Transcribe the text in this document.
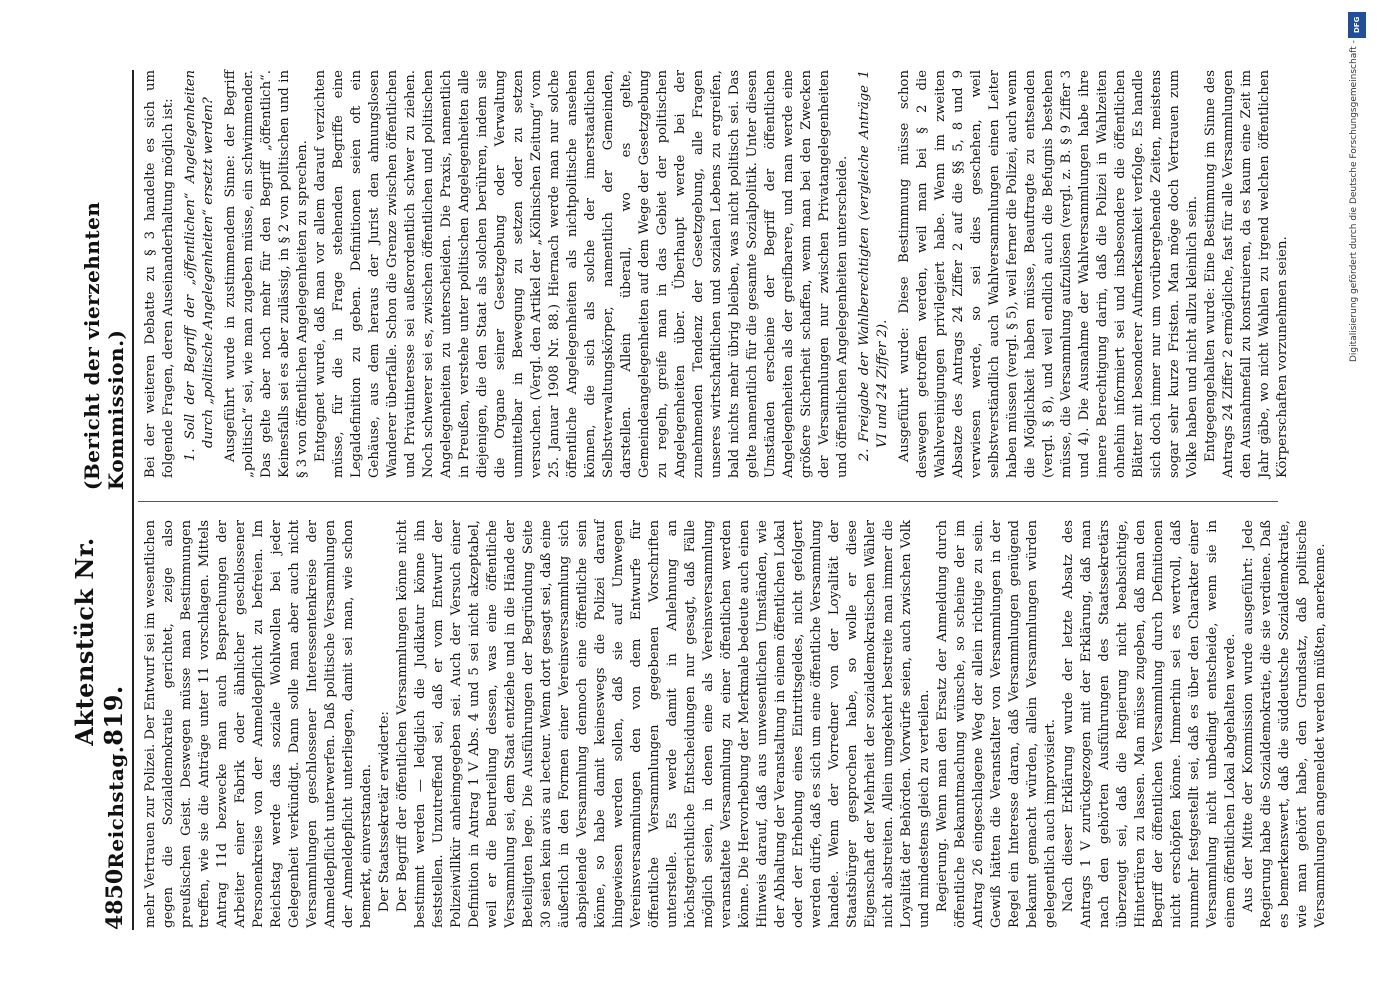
4850
Reichstag.
Aktenstück Nr. 819.
(Bericht der vierzehnten Kommission.)

mehr Vertrauen zur Polizei. Der Entwurf sei im wesentlichen gegen die Sozialdemokratie gerichtet, zeige also preußischen Geist. Deswegen müsse man Bestimmungen treffen, wie sie die Anträge unter 11 vorschlagen. Mittels Antrag 11d bezwecke man auch Besprechungen der Arbeiter einer Fabrik oder ähnlicher geschlossener Personenkreise von der Anmeldepflicht zu befreien. Im Reichstag werde das soziale Wohlwollen bei jeder Gelegenheit verkündigt. Dann solle man aber auch nicht Versammlungen geschlossener Interessentenkreise der Anmeldepflicht unterwerfen. Daß politische Versammlungen der Anmeldepflicht unterliegen, damit sei man, wie schon bemerkt, einverstanden. Der Staatssekretär erwiderte: Der Begriff der öffentlichen Versammlungen könne nicht bestimmt werden — lediglich die Judikatur könne ihn feststellen. Unzutreffend sei, daß er vom Entwurf der Polizeiwillkür anheimgegeben sei. Auch der Versuch einer Definition in Antrag 1 V Abs. 4 und 5 sei nicht akzeptabel, weil er die Beurteilung dessen, was eine öffentliche Versammlung sei, dem Staat entziehe und in die Hände der Beteiligten lege. Die Ausführungen der Begründung Seite 30 seien kein avis au lecteur. Wenn dort gesagt sei, daß eine äußerlich in den Formen einer Vereinsversammlung sich abspielende Versammlung dennoch eine öffentliche sein könne, so habe damit keineswegs die Polizei darauf hingewiesen werden sollen, daß sie auf Umwegen Vereinsversammlungen den von dem Entwurfe für öffentliche Versammlungen gegebenen Vorschriften unterstelle. Es werde damit in Anlehnung an höchstgerichtliche Entscheidungen nur gesagt, daß Fälle möglich seien, in denen eine als Vereinsversammlung veranstaltete Versammlung zu einer öffentlichen werden könne. Die Hervorhebung der Merkmale bedeute auch einen Hinweis darauf, daß aus unwesentlichen Umständen, wie der Abhaltung der Veranstaltung in einem öffentlichen Lokal oder der Erhebung eines Eintrittsgeldes, nicht gefolgert werden dürfe, daß es sich um eine öffentliche Versammlung handele. Wenn der Vorredner von der Loyalität der Staatsbürger gesprochen habe, so wolle er diese Eigenschaft der Mehrheit der sozialdemokratischen Wähler nicht abstreiten. Allein umgekehrt bestreite man immer die Loyalität der Behörden. Vorwürfe seien, auch zwischen Volk und mindestens gleich zu verteilen. Regierung. Wenn man den Ersatz der Anmeldung durch öffentliche Bekanntmachung wünsche, so scheine der im Antrag 26 eingeschlagene Weg der allein richtige zu sein. Gewiß hätten die Veranstalter von Versammlungen in der Regel ein Interesse daran, daß Versammlungen genügend bekannt gemacht würden, allein Versammlungen würden gelegentlich auch improvisiert. Nach dieser Erklärung wurde der letzte Absatz des Antrags 1 V zurückgezogen mit der Erklärung, daß man nach den gehörten Ausführungen des Staatssekretärs überzeugt sei, daß die Regierung nicht beabsichtige, Hintertüren zu lassen. Man müsse zugeben, daß man den Begriff der öffentlichen Versammlung durch Definitionen nicht erschöpfen könne. Immerhin sei es wertvoll, daß nunmehr festgestellt sei, daß es über den Charakter einer Versammlung nicht unbedingt entscheide, wenn sie in einem öffentlichen Lokal abgehalten werde. Aus der Mitte der Kommission wurde ausgeführt: Jede Regierung habe die Sozialdemokratie, die sie verdiene. Daß es bemerkenswert, daß die süddeutsche Sozialdemokratie, wie man gehört habe, den Grundsatz, daß politische Versammlungen angemeldet werden müßten, anerkenne.

Bei der weiteren Debatte zu § 3 handelte es sich um folgende Fragen, deren Auseinanderhaltung möglich ist: 1. Soll der Begriff der „öffentlichen“ Angelegenheiten durch „politische Angelegenheiten“ ersetzt werden? Ausgeführt wurde in zustimmendem Sinne: der Begriff „politisch“ sei, wie man zugeben müsse, ein schwimmender. Das gelte aber noch mehr für den Begriff „öffentlich“. Keinesfalls sei es aber zulässig, in § 2 von politischen und in § 3 von öffentlichen Angelegenheiten zu sprechen. Entgegnet wurde, daß man vor allem darauf verzichten müsse, für die in Frage stehenden Begriffe eine Legaldefinition zu geben. Definitionen seien oft ein Gehäuse, aus dem heraus der Jurist den ahnungslosen Wanderer überfalle. Schon die Grenze zwischen öffentlichen und Privatinteresse sei außerordentlich schwer zu ziehen. Noch schwerer sei es, zwischen öffentlichen und politischen Angelegenheiten zu unterscheiden. Die Praxis, namentlich in Preußen, verstehe unter politischen Angelegenheiten alle diejenigen, die den Staat als solchen berühren, indem sie die Organe seiner Gesetzgebung oder Verwaltung unmittelbar in Bewegung zu setzen oder zu setzen versuchen. (Vergl. den Artikel der „Kölnischen Zeitung“ vom 25. Januar 1908 Nr. 88.) Hiernach werde man nur solche öffentliche Angelegenheiten als nichtpolitische ansehen können, die sich als solche der innerstaatlichen Selbstverwaltungskörper, namentlich der Gemeinden, darstellen. Allein überall, wo es gelte, Gemeindeangelegenheiten auf dem Wege der Gesetzgebung zu regeln, greife man in das Gebiet der politischen Angelegenheiten über. Überhaupt werde bei der zunehmenden Tendenz der Gesetzgebung, alle Fragen unseres wirtschaftlichen und sozialen Lebens zu ergreifen, bald nichts mehr übrig bleiben, was nicht politisch sei. Das gelte namentlich für die gesamte Sozialpolitik. Unter diesen Umständen erscheine der Begriff der öffentlichen Angelegenheiten als der greifbarere, und man werde eine größere Sicherheit schaffen, wenn man bei den Zwecken der Versammlungen nur zwischen Privatangelegenheiten und öffentlichen Angelegenheiten unterscheide. 2. Freigabe der Wahlberechtigten (vergleiche Anträge 1 VI und 24 Ziffer 2). Ausgeführt wurde: Diese Bestimmung müsse schon deswegen getroffen werden, weil man bei § 2 die Wahlvereinigungen privilegiert habe. Wenn im zweiten Absatze des Antrags 24 Ziffer 2 auf die §§ 5, 8 und 9 verwiesen werde, so sei dies geschehen, weil selbstverständlich auch Wahlversammlungen einen Leiter haben müssen (vergl. § 5), weil ferner die Polizei, auch wenn die Möglichkeit haben müsse, Beauftragte zu entsenden (vergl. § 8), und weil endlich auch die Befugnis bestehen müsse, die Versammlung aufzulösen (vergl. z. B. § 9 Ziffer 3 und 4). Die Ausnahme der Wahlversammlungen habe ihre innere Berechtigung darin, daß die Polizei in Wahlzeiten ohnehin informiert sei und insbesondere die öffentlichen Blätter mit besonderer Aufmerksamkeit verfolge. Es handle sich doch immer nur um vorübergehende Zeiten, meistens sogar sehr kurze Fristen. Man möge doch Vertrauen zum Volke haben und nicht allzu kleinlich sein. Entgegengehalten wurde: Eine Bestimmung im Sinne des Antrags 24 Ziffer 2 ermögliche, fast für alle Versammlungen den Ausnahmefall zu konstruieren, da es kaum eine Zeit im Jahr gäbe, wo nicht Wahlen zu irgend welchen öffentlichen Körperschaften vorzunehmen seien.

DFG
Digitalisierung gefördert durch die Deutsche Forschungsgemeinschaft -
